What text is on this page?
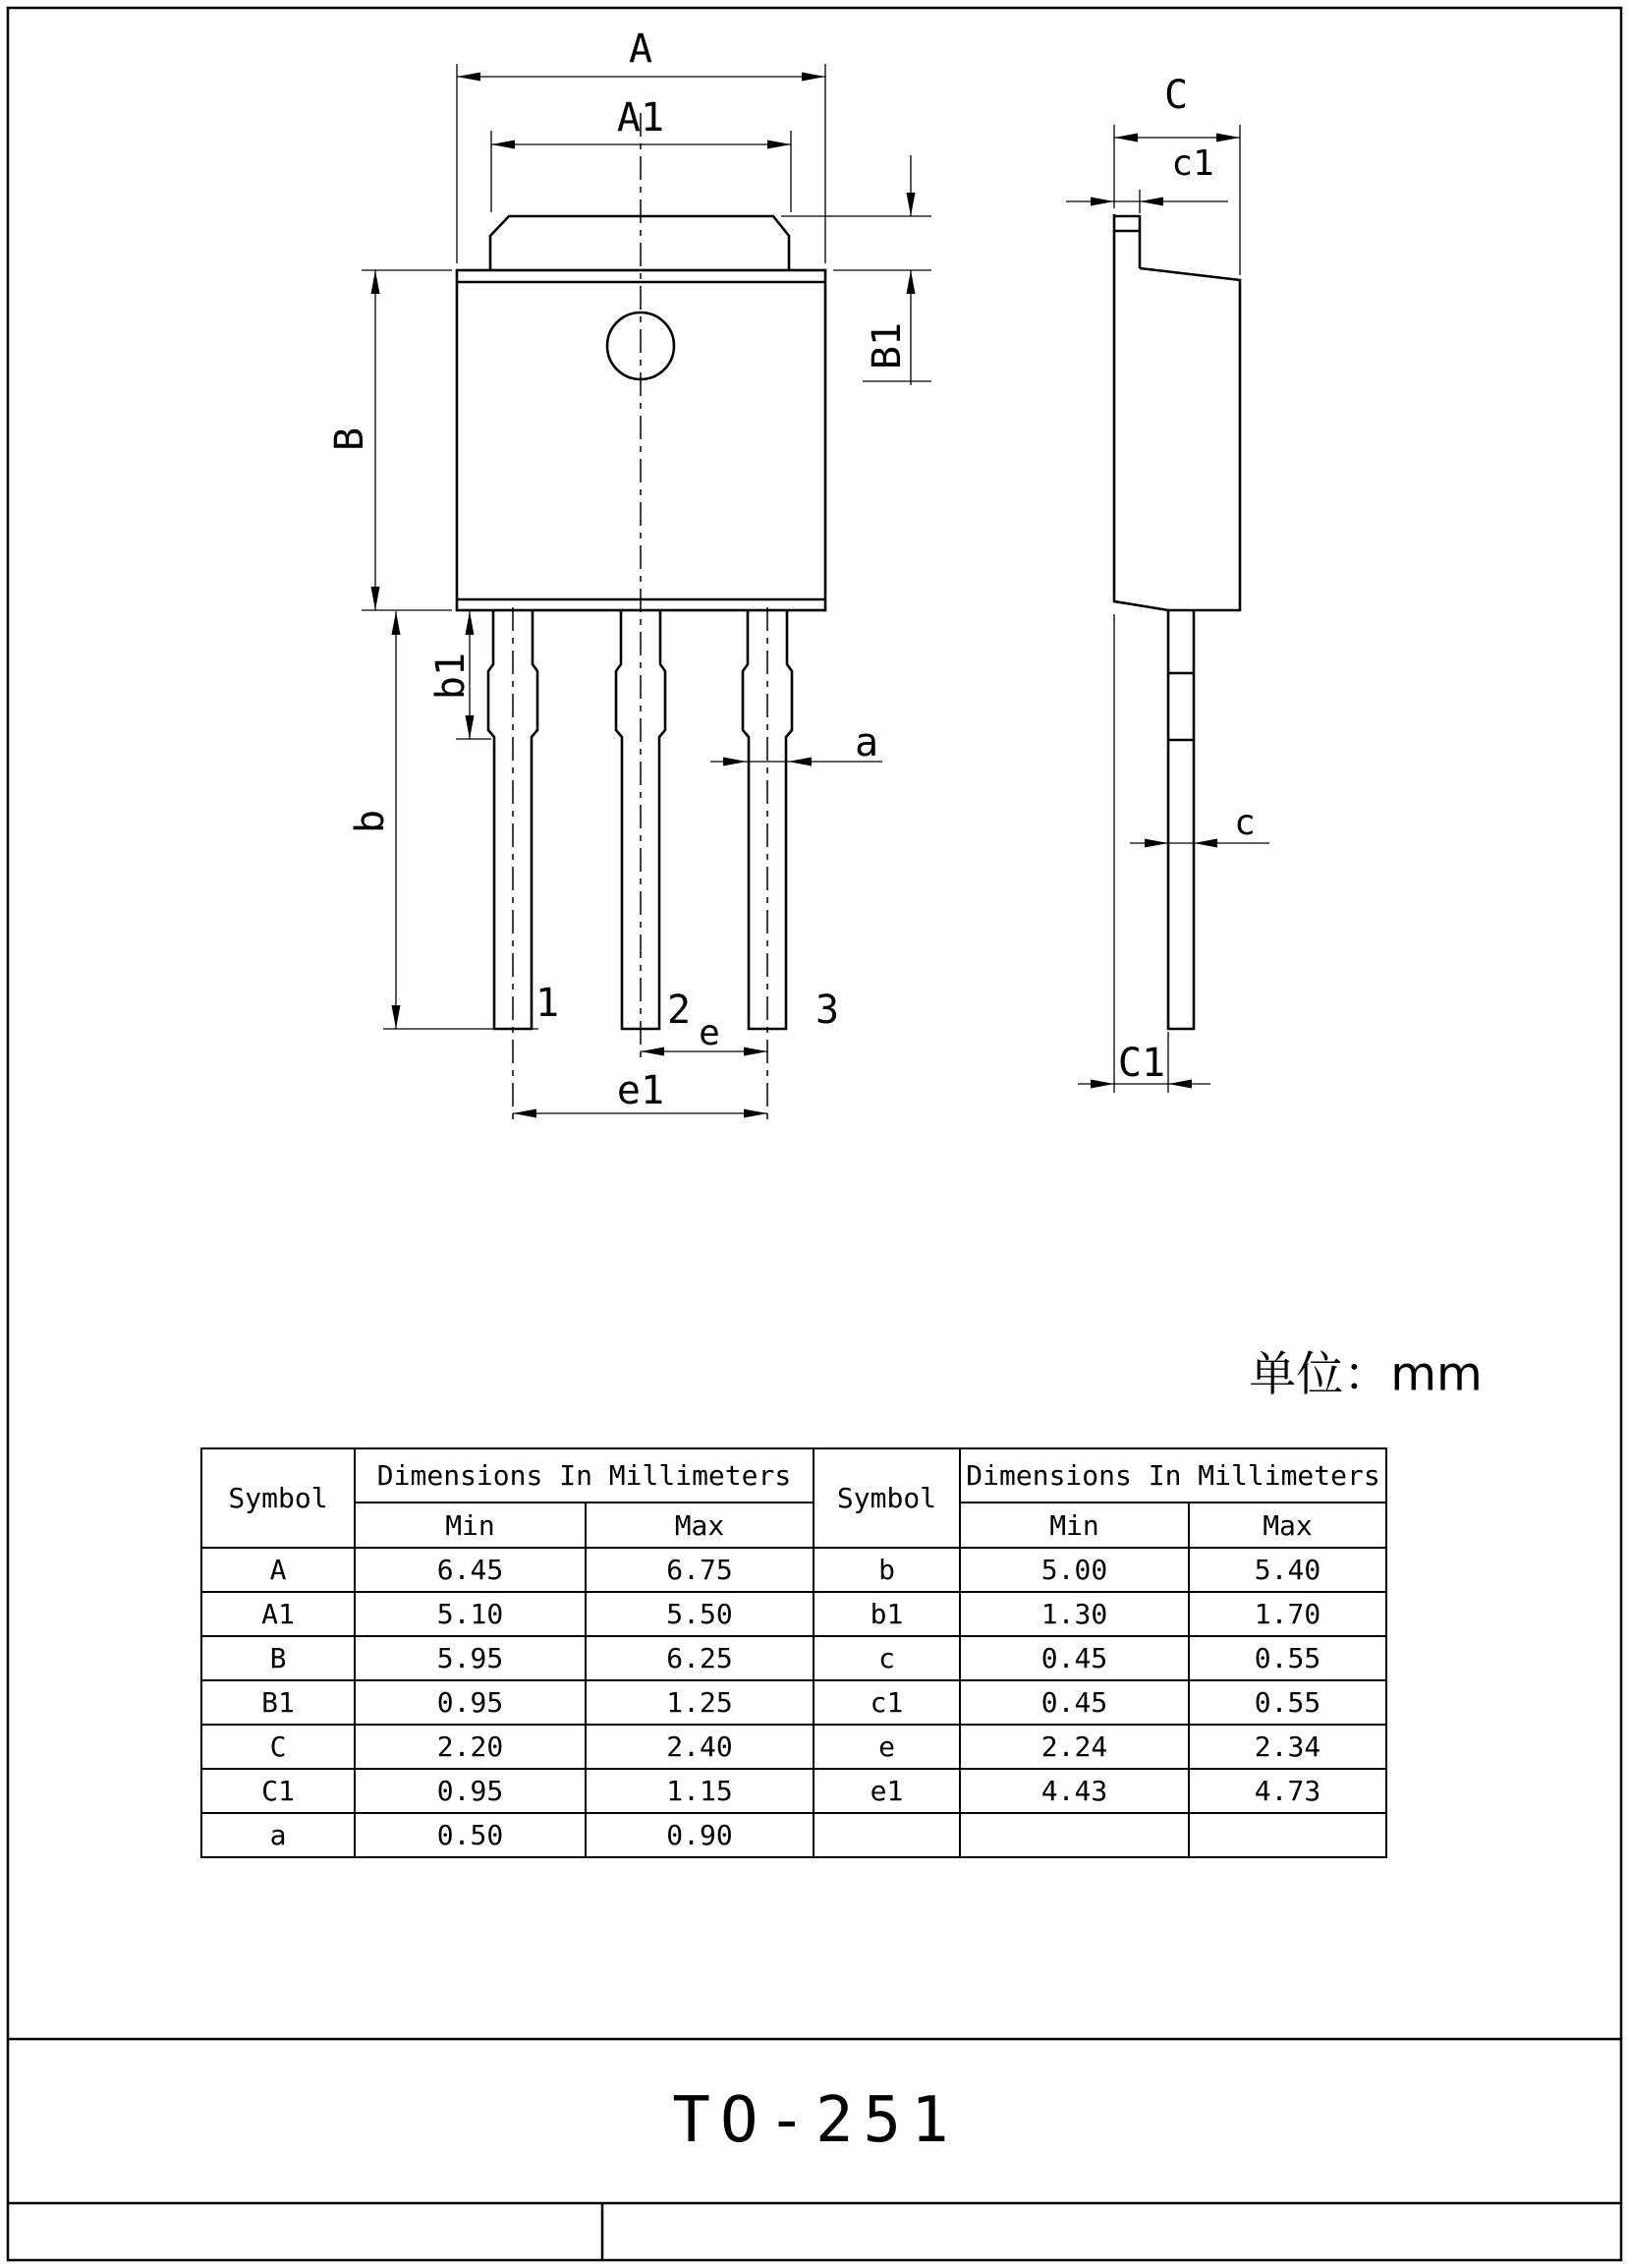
A
A1
B1
B
b1
b
a
e
e1
1	2	3
C
c1
c
C1
单位：mm
Symbol	Dimensions In Millimeters		Symbol	Dimensions In Millimeters	
	Min	Max		Min	Max
A	6.45	6.75	b	5.00	5.40
A1	5.10	5.50	b1	1.30	1.70
B	5.95	6.25	c	0.45	0.55
B1	0.95	1.25	c1	0.45	0.55
C	2.20	2.40	e	2.24	2.34
C1	0.95	1.15	e1	4.43	4.73
a	0.50	0.90			
TO-251
